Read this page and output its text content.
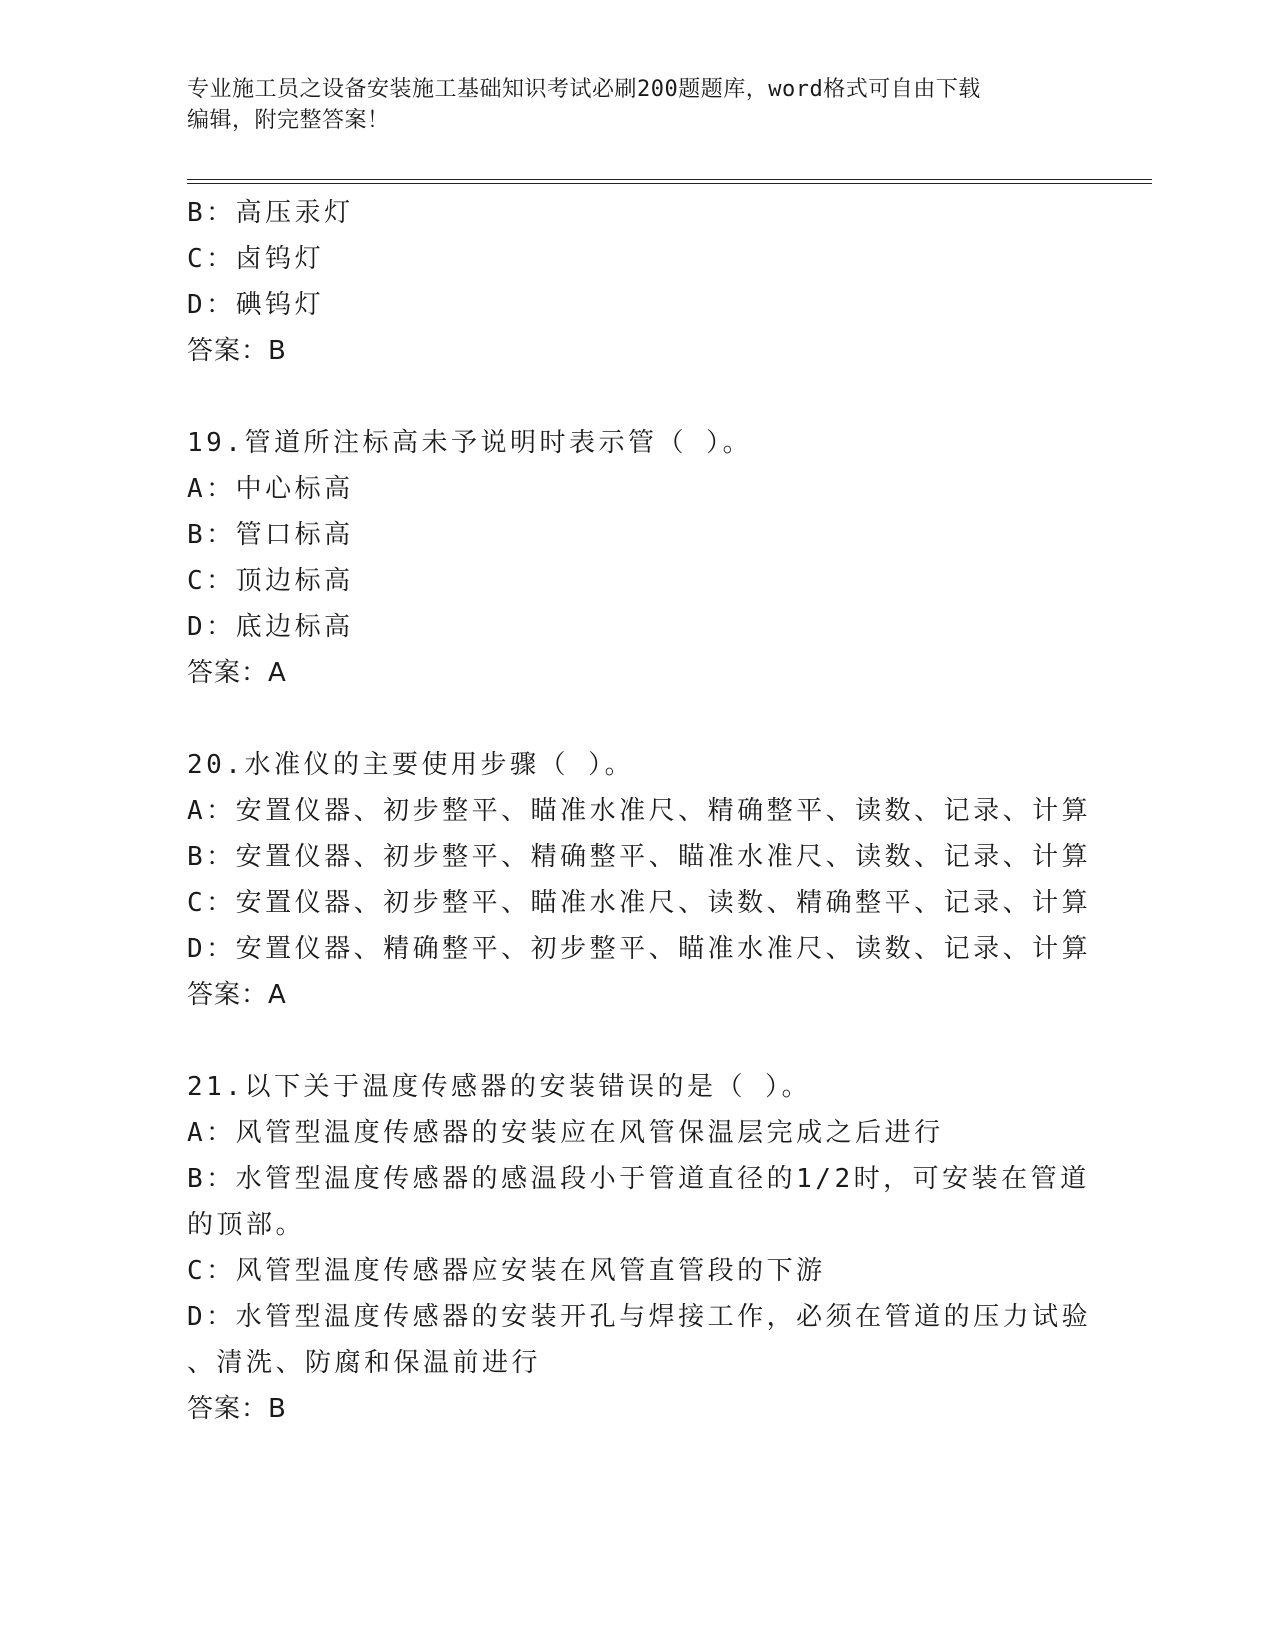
专业施工员之设备安装施工基础知识考试必刷200题题库，word格式可自由下载
编辑，附完整答案！
B：高压汞灯
C：卤钨灯
D：碘钨灯
答案：B
19.管道所注标高未予说明时表示管（ ）。
A：中心标高
B：管口标高
C：顶边标高
D：底边标高
答案：A
20.水准仪的主要使用步骤（ ）。
A：安置仪器、初步整平、瞄准水准尺、精确整平、读数、记录、计算
B：安置仪器、初步整平、精确整平、瞄准水准尺、读数、记录、计算
C：安置仪器、初步整平、瞄准水准尺、读数、精确整平、记录、计算
D：安置仪器、精确整平、初步整平、瞄准水准尺、读数、记录、计算
答案：A
21.以下关于温度传感器的安装错误的是（ ）。
A：风管型温度传感器的安装应在风管保温层完成之后进行
B：水管型温度传感器的感温段小于管道直径的1/2时，可安装在管道
的顶部。
C：风管型温度传感器应安装在风管直管段的下游
D：水管型温度传感器的安装开孔与焊接工作，必须在管道的压力试验
、清洗、防腐和保温前进行
答案：B
